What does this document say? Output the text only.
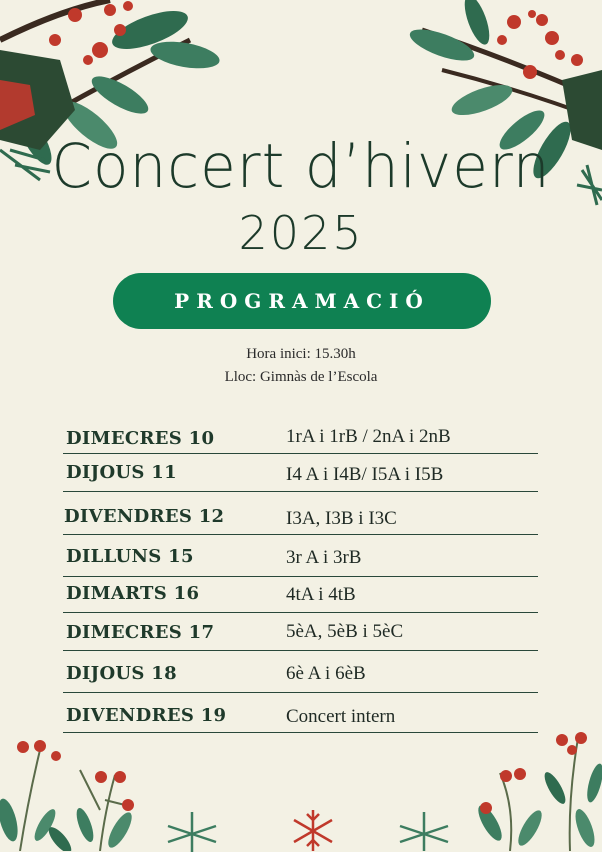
Concert d’hivern
2025
PROGRAMACIÓ
Hora inici: 15.30h
Lloc: Gimnàs de l’Escola
DIMECRES 10	1rA i 1rB / 2nA i 2nB
DIJOUS 11	I4 A i I4B/ I5A i I5B
DIVENDRES 12	I3A, I3B i I3C
DILLUNS 15	3r A i 3rB
DIMARTS 16	4tA i 4tB
DIMECRES 17	5èA, 5èB i 5èC
DIJOUS 18	6è A i 6èB
DIVENDRES 19	Concert intern
